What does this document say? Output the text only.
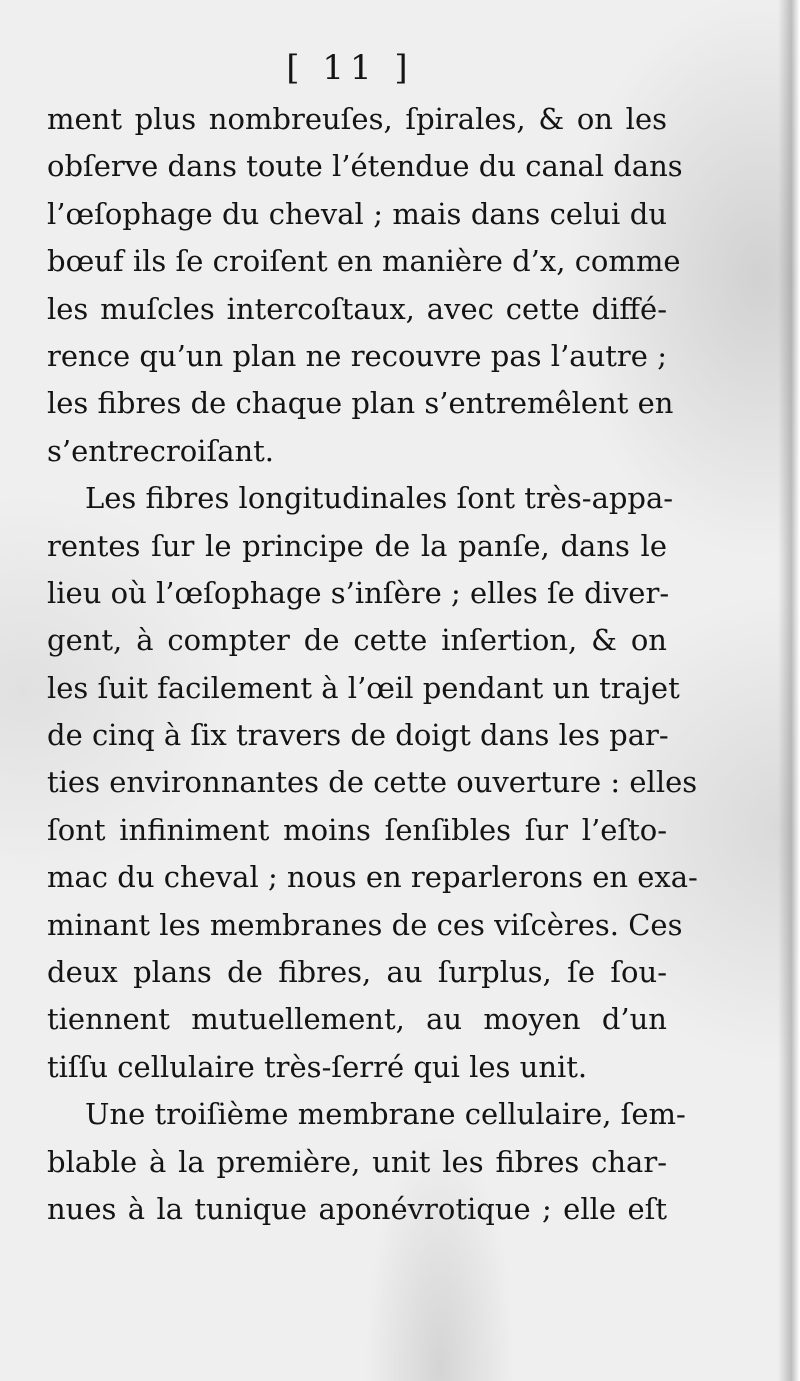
[ 11 ]
ment plus nombreuſes, ſpirales, & on les
obſerve dans toute l’étendue du canal dans
l’œſophage du cheval ; mais dans celui du
bœuf ils ſe croiſent en manière d’x, comme
les muſcles intercoſtaux, avec cette diffé-
rence qu’un plan ne recouvre pas l’autre ;
les fibres de chaque plan s’entremêlent en
s’entrecroiſant.
Les fibres longitudinales ſont très-appa-
rentes ſur le principe de la panſe, dans le
lieu où l’œſophage s’inſère ; elles ſe diver-
gent, à compter de cette inſertion, & on
les ſuit facilement à l’œil pendant un trajet
de cinq à ſix travers de doigt dans les par-
ties environnantes de cette ouverture : elles
ſont infiniment moins ſenſibles ſur l’eſto-
mac du cheval ; nous en reparlerons en exa-
minant les membranes de ces viſcères. Ces
deux plans de fibres, au ſurplus, ſe ſou-
tiennent mutuellement, au moyen d’un
tiſſu cellulaire très-ſerré qui les unit.
Une troiſième membrane cellulaire, ſem-
blable à la première, unit les fibres char-
nues à la tunique aponévrotique ; elle eſt
